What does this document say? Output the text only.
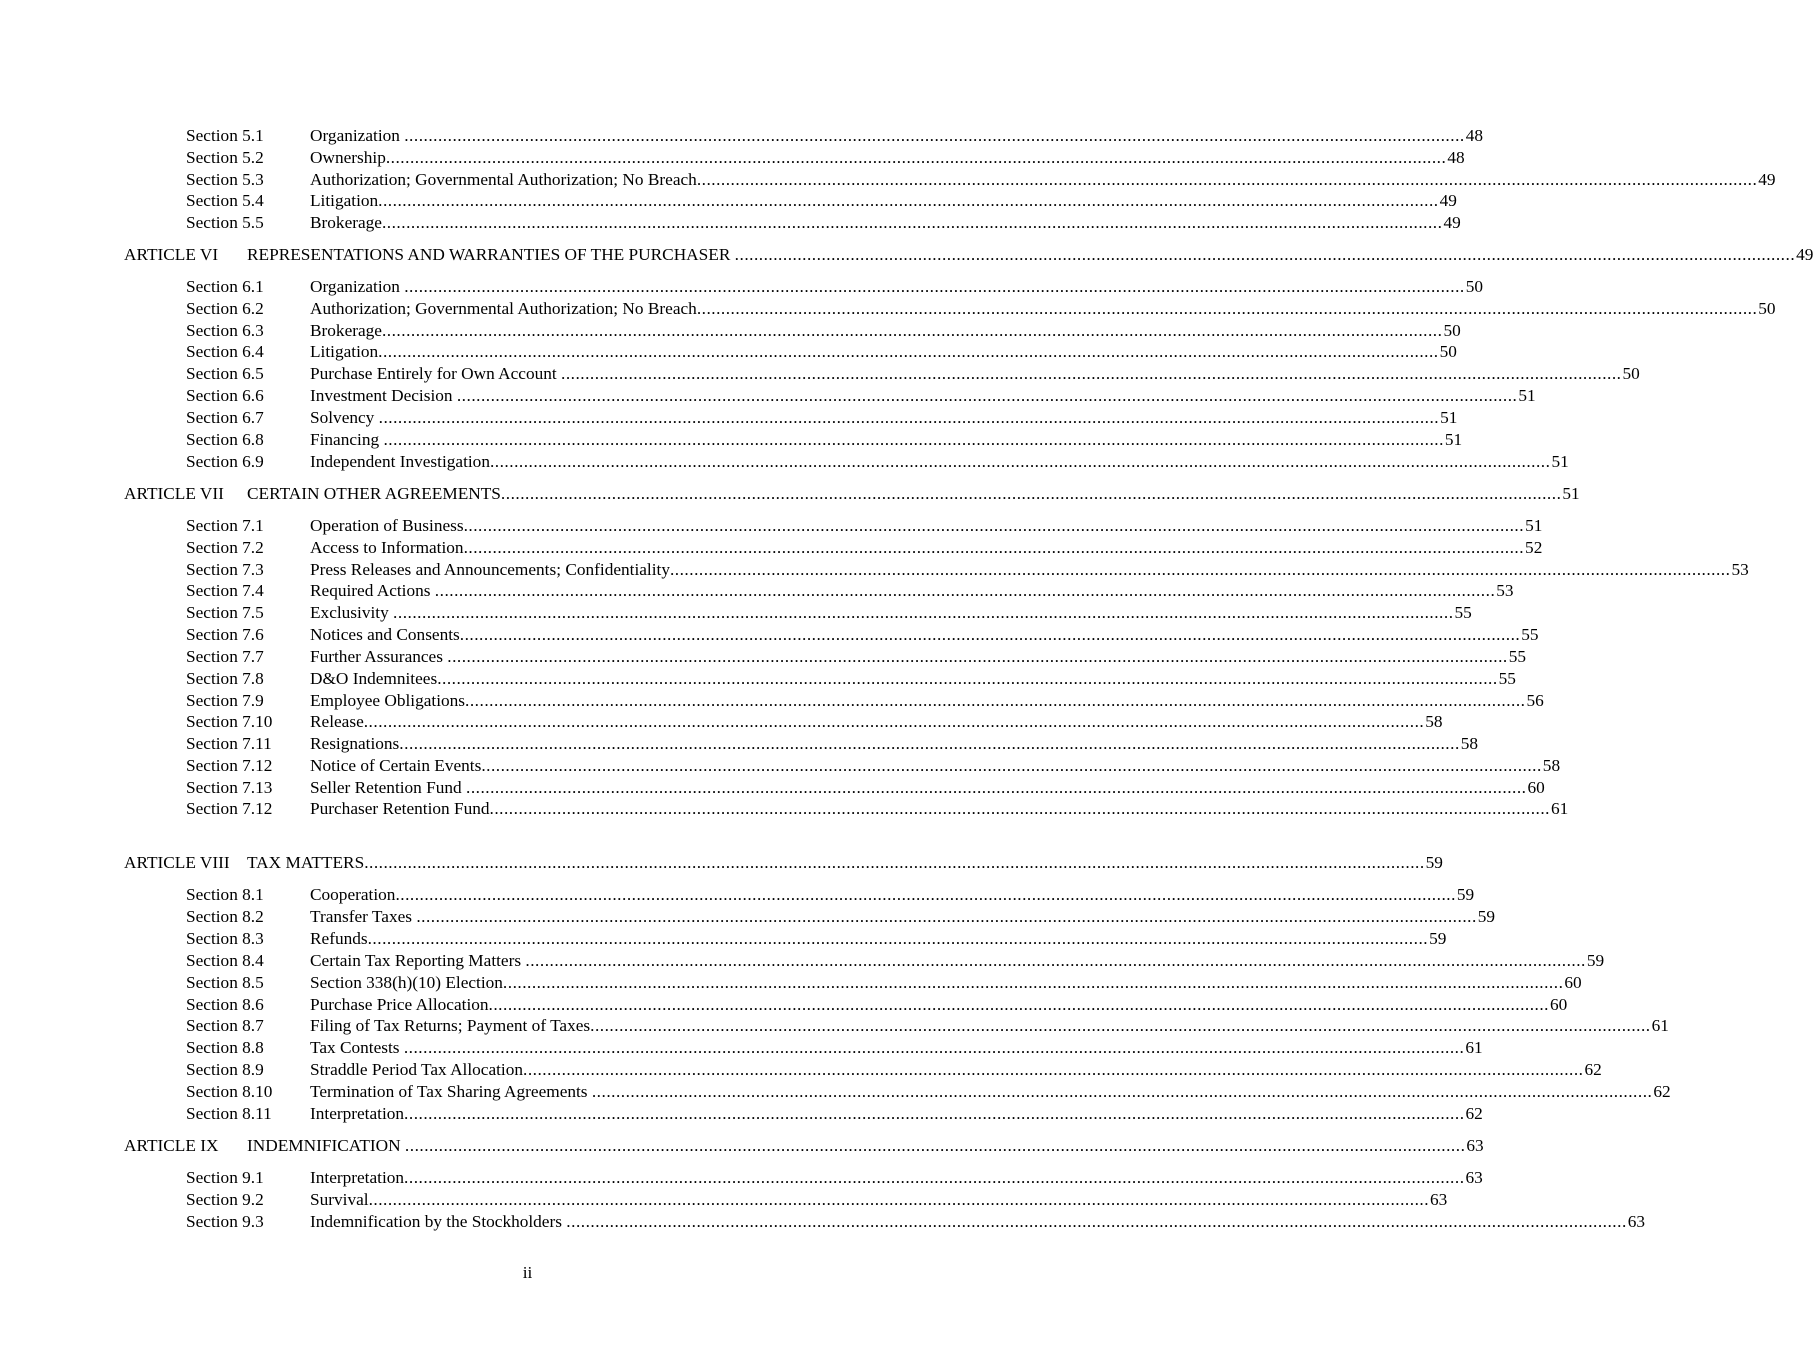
Section 5.1	Organization ............................................................................................................................................................................................................................ 48
Section 5.2	Ownership ............................................................................................................................................................................................................................ 48
Section 5.3	Authorization; Governmental Authorization; No Breach ............................................................................................................................................................................................................................ 49
Section 5.4	Litigation ............................................................................................................................................................................................................................ 49
Section 5.5	Brokerage ............................................................................................................................................................................................................................ 49
ARTICLE VI REPRESENTATIONS AND WARRANTIES OF THE PURCHASER ............................................................................................................................................................................................................................ 49
Section 6.1	Organization ............................................................................................................................................................................................................................ 50
Section 6.2	Authorization; Governmental Authorization; No Breach ............................................................................................................................................................................................................................ 50
Section 6.3	Brokerage ............................................................................................................................................................................................................................ 50
Section 6.4	Litigation ............................................................................................................................................................................................................................ 50
Section 6.5	Purchase Entirely for Own Account ............................................................................................................................................................................................................................ 50
Section 6.6	Investment Decision ............................................................................................................................................................................................................................ 51
Section 6.7	Solvency ............................................................................................................................................................................................................................ 51
Section 6.8	Financing ............................................................................................................................................................................................................................ 51
Section 6.9	Independent Investigation ............................................................................................................................................................................................................................ 51
ARTICLE VII CERTAIN OTHER AGREEMENTS ............................................................................................................................................................................................................................ 51
Section 7.1	Operation of Business ............................................................................................................................................................................................................................ 51
Section 7.2	Access to Information ............................................................................................................................................................................................................................ 52
Section 7.3	Press Releases and Announcements; Confidentiality ............................................................................................................................................................................................................................ 53
Section 7.4	Required Actions ............................................................................................................................................................................................................................ 53
Section 7.5	Exclusivity ............................................................................................................................................................................................................................ 55
Section 7.6	Notices and Consents ............................................................................................................................................................................................................................ 55
Section 7.7	Further Assurances ............................................................................................................................................................................................................................ 55
Section 7.8	D&O Indemnitees ............................................................................................................................................................................................................................ 55
Section 7.9	Employee Obligations ............................................................................................................................................................................................................................ 56
Section 7.10 Release ............................................................................................................................................................................................................................ 58
Section 7.11 Resignations ............................................................................................................................................................................................................................ 58
Section 7.12 Notice of Certain Events ............................................................................................................................................................................................................................ 58
Section 7.13 Seller Retention Fund ............................................................................................................................................................................................................................ 60
Section 7.12 Purchaser Retention Fund ............................................................................................................................................................................................................................ 61
ARTICLE VIII TAX MATTERS ............................................................................................................................................................................................................................ 59
Section 8.1	Cooperation ............................................................................................................................................................................................................................ 59
Section 8.2	Transfer Taxes ............................................................................................................................................................................................................................ 59
Section 8.3	Refunds ............................................................................................................................................................................................................................ 59
Section 8.4	Certain Tax Reporting Matters ............................................................................................................................................................................................................................ 59
Section 8.5	Section 338(h)(10) Election ............................................................................................................................................................................................................................ 60
Section 8.6	Purchase Price Allocation ............................................................................................................................................................................................................................ 60
Section 8.7	Filing of Tax Returns; Payment of Taxes ............................................................................................................................................................................................................................ 61
Section 8.8	Tax Contests ............................................................................................................................................................................................................................ 61
Section 8.9	Straddle Period Tax Allocation ............................................................................................................................................................................................................................ 62
Section 8.10 Termination of Tax Sharing Agreements ............................................................................................................................................................................................................................ 62
Section 8.11 Interpretation ............................................................................................................................................................................................................................ 62
ARTICLE IX INDEMNIFICATION ............................................................................................................................................................................................................................ 63
Section 9.1	Interpretation ............................................................................................................................................................................................................................ 63
Section 9.2	Survival ............................................................................................................................................................................................................................ 63
Section 9.3	Indemnification by the Stockholders ............................................................................................................................................................................................................................ 63
ii
